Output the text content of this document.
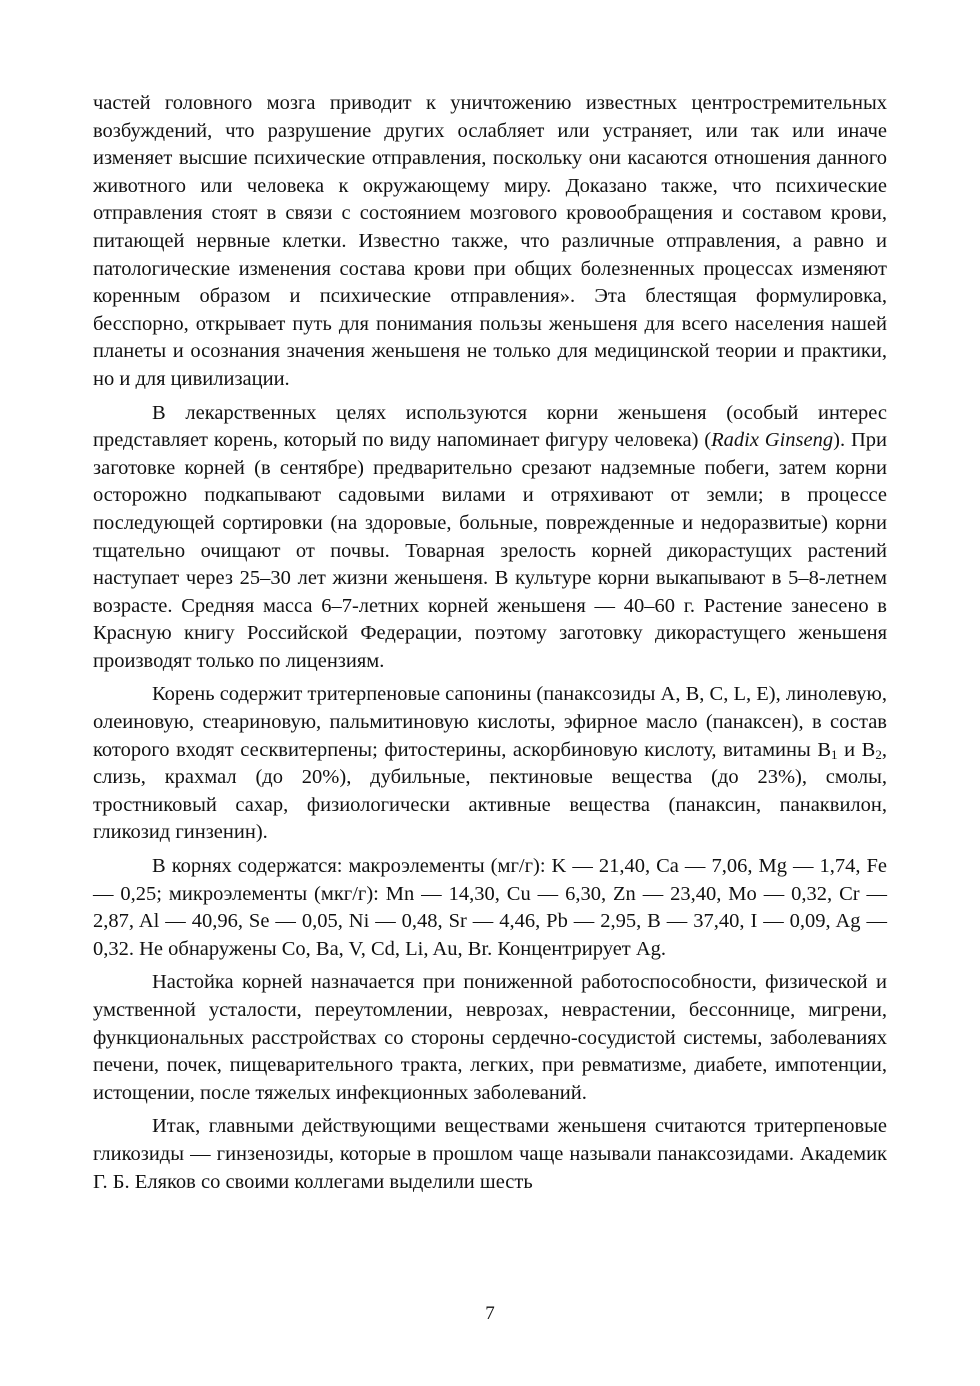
частей головного мозга приводит к уничтожению известных центростремительных возбуждений, что разрушение других ослабляет или устраняет, или так или иначе изменяет высшие психические отправления, поскольку они касаются отношения данного животного или человека к окружающему миру. Доказано также, что психические отправления стоят в связи с состоянием мозгового кровообращения и составом крови, питающей нервные клетки. Известно также, что различные отправления, а равно и патологические изменения состава крови при общих болезненных процессах изменяют коренным образом и психические отправления». Эта блестящая формулировка, бесспорно, открывает путь для понимания пользы женьшеня для всего населения нашей планеты и осознания значения женьшеня не только для медицинской теории и практики, но и для цивилизации.

В лекарственных целях используются корни женьшеня (особый интерес представляет корень, который по виду напоминает фигуру человека) (Radix Ginseng). При заготовке корней (в сентябре) предварительно срезают надземные побеги, затем корни осторожно подкапывают садовыми вилами и отряхивают от земли; в процессе последующей сортировки (на здоровые, больные, поврежденные и недоразвитые) корни тщательно очищают от почвы. Товарная зрелость корней дикорастущих растений наступает через 25–30 лет жизни женьшеня. В культуре корни выкапывают в 5–8-летнем возрасте. Средняя масса 6–7-летних корней женьшеня — 40–60 г. Растение занесено в Красную книгу Российской Федерации, поэтому заготовку дикорастущего женьшеня производят только по лицензиям.

Корень содержит тритерпеновые сапонины (панаксозиды A, B, C, L, E), линолевую, олеиновую, стеариновую, пальмитиновую кислоты, эфирное масло (панаксен), в состав которого входят сесквитерпены; фитостерины, аскорбиновую кислоту, витамины $B_1$ и $B_2$, слизь, крахмал (до 20%), дубильные, пектиновые вещества (до 23%), смолы, тростниковый сахар, физиологически активные вещества (панаксин, панаквилон, гликозид гинзенин).

В корнях содержатся: макроэлементы (мг/г): K — 21,40, Ca — 7,06, Mg — 1,74, Fe — 0,25; микроэлементы (мкг/г): Mn — 14,30, Cu — 6,30, Zn — 23,40, Mo — 0,32, Cr — 2,87, Al — 40,96, Se — 0,05, Ni — 0,48, Sr — 4,46, Pb — 2,95, B — 37,40, I — 0,09, Ag — 0,32. Не обнаружены Co, Ba, V, Cd, Li, Au, Br. Концентрирует Ag.

Настойка корней назначается при пониженной работоспособности, физической и умственной усталости, переутомлении, неврозах, неврастении, бессоннице, мигрени, функциональных расстройствах со стороны сердечно-сосудистой системы, заболеваниях печени, почек, пищеварительного тракта, легких, при ревматизме, диабете, импотенции, истощении, после тяжелых инфекционных заболеваний.

Итак, главными действующими веществами женьшеня считаются тритерпеновые гликозиды — гинзенозиды, которые в прошлом чаще называли панаксозидами. Академик Г. Б. Еляков со своими коллегами выделили шесть

7
